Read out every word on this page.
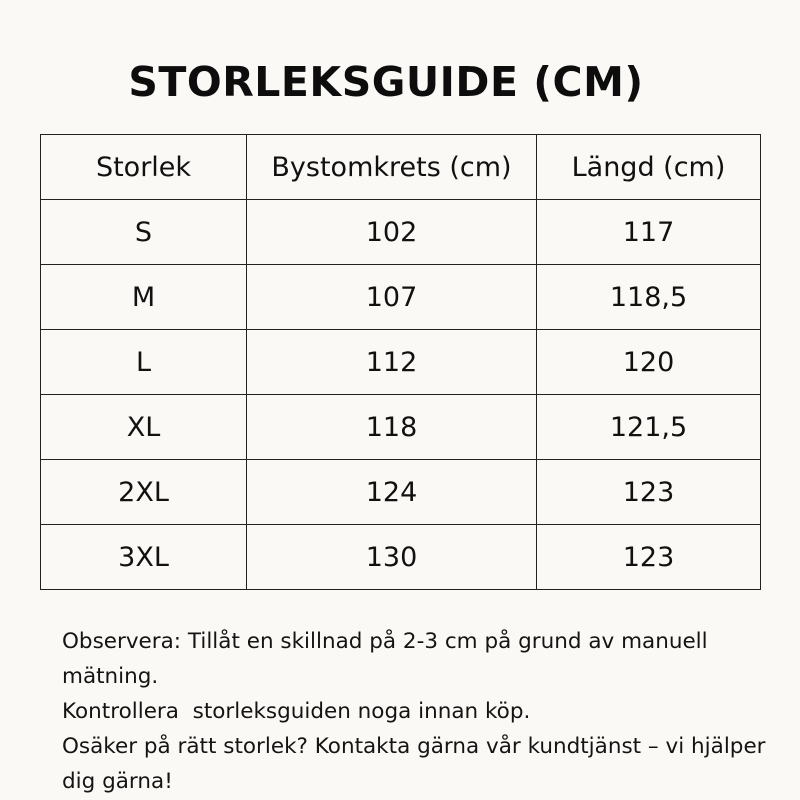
STORLEKSGUIDE (CM)
Storlek	Bystomkrets (cm)	Längd (cm)
S	102	117
M	107	118,5
L	112	120
XL	118	121,5
2XL	124	123
3XL	130	123

Observera: Tillåt en skillnad på 2-3 cm på grund av manuell mätning.

Kontrollera  storleksguiden noga innan köp.

Osäker på rätt storlek? Kontakta gärna vår kundtjänst – vi hjälper dig gärna!
